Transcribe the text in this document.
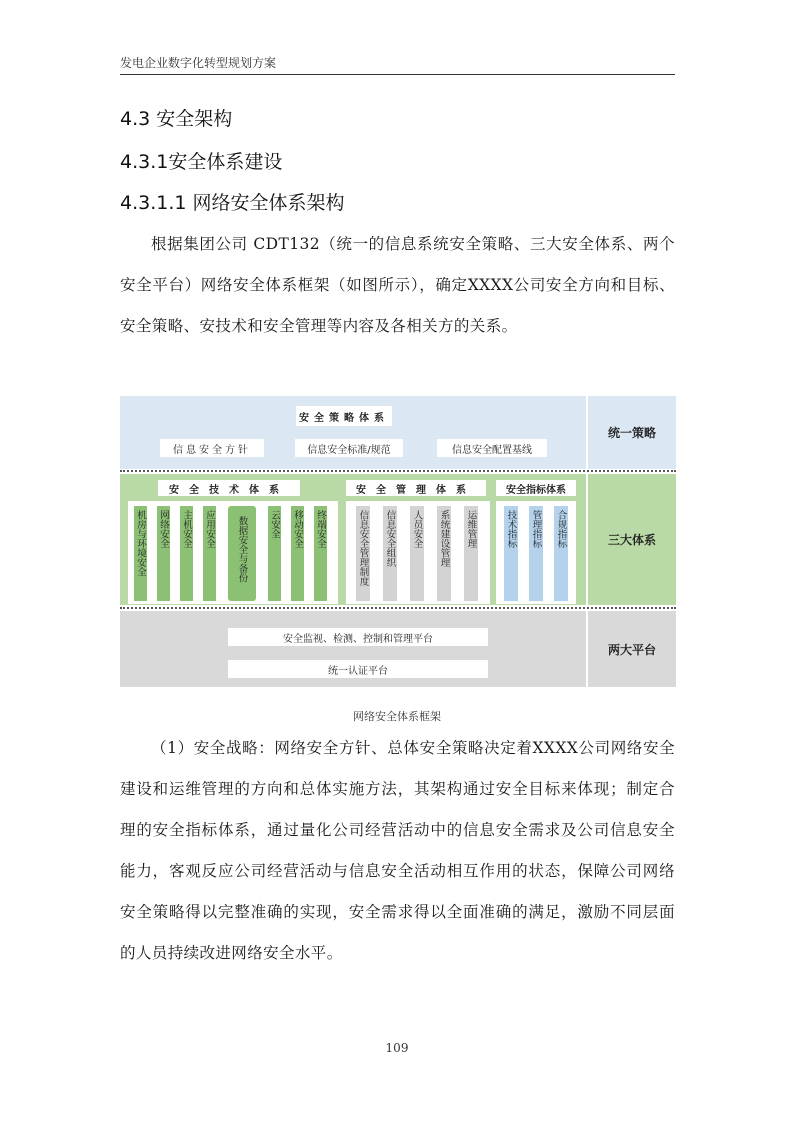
发电企业数字化转型规划方案
4.3 安全架构
4.3.1安全体系建设
4.3.1.1 网络安全体系架构
根据集团公司 CDT132（统一的信息系统安全策略、三大安全体系、两个安全平台）网络安全体系框架（如图所示），确定XXXX公司安全方向和目标、安全策略、安技术和安全管理等内容及各相关方的关系。
统一策略
三大体系
两大平台
安全策略体系
信息安全方针	信息安全标准/规范	信息安全配置基线
安全技术体系
机房与环境安全 网络安全 主机安全 应用安全	数据安全与备份	云安全 移动安全 终端安全
安全管理体系
信息安全管理制度 信息安全组织 人员安全 系统建设管理 运维管理
安全指标体系
技术指标 管理指标 合规指标
安全监视、检测、控制和管理平台
统一认证平台
网络安全体系框架
（1）安全战略：网络安全方针、总体安全策略决定着XXXX公司网络安全建设和运维管理的方向和总体实施方法，其架构通过安全目标来体现；制定合理的安全指标体系，通过量化公司经营活动中的信息安全需求及公司信息安全能力，客观反应公司经营活动与信息安全活动相互作用的状态，保障公司网络安全策略得以完整准确的实现，安全需求得以全面准确的满足，激励不同层面的人员持续改进网络安全水平。
109
